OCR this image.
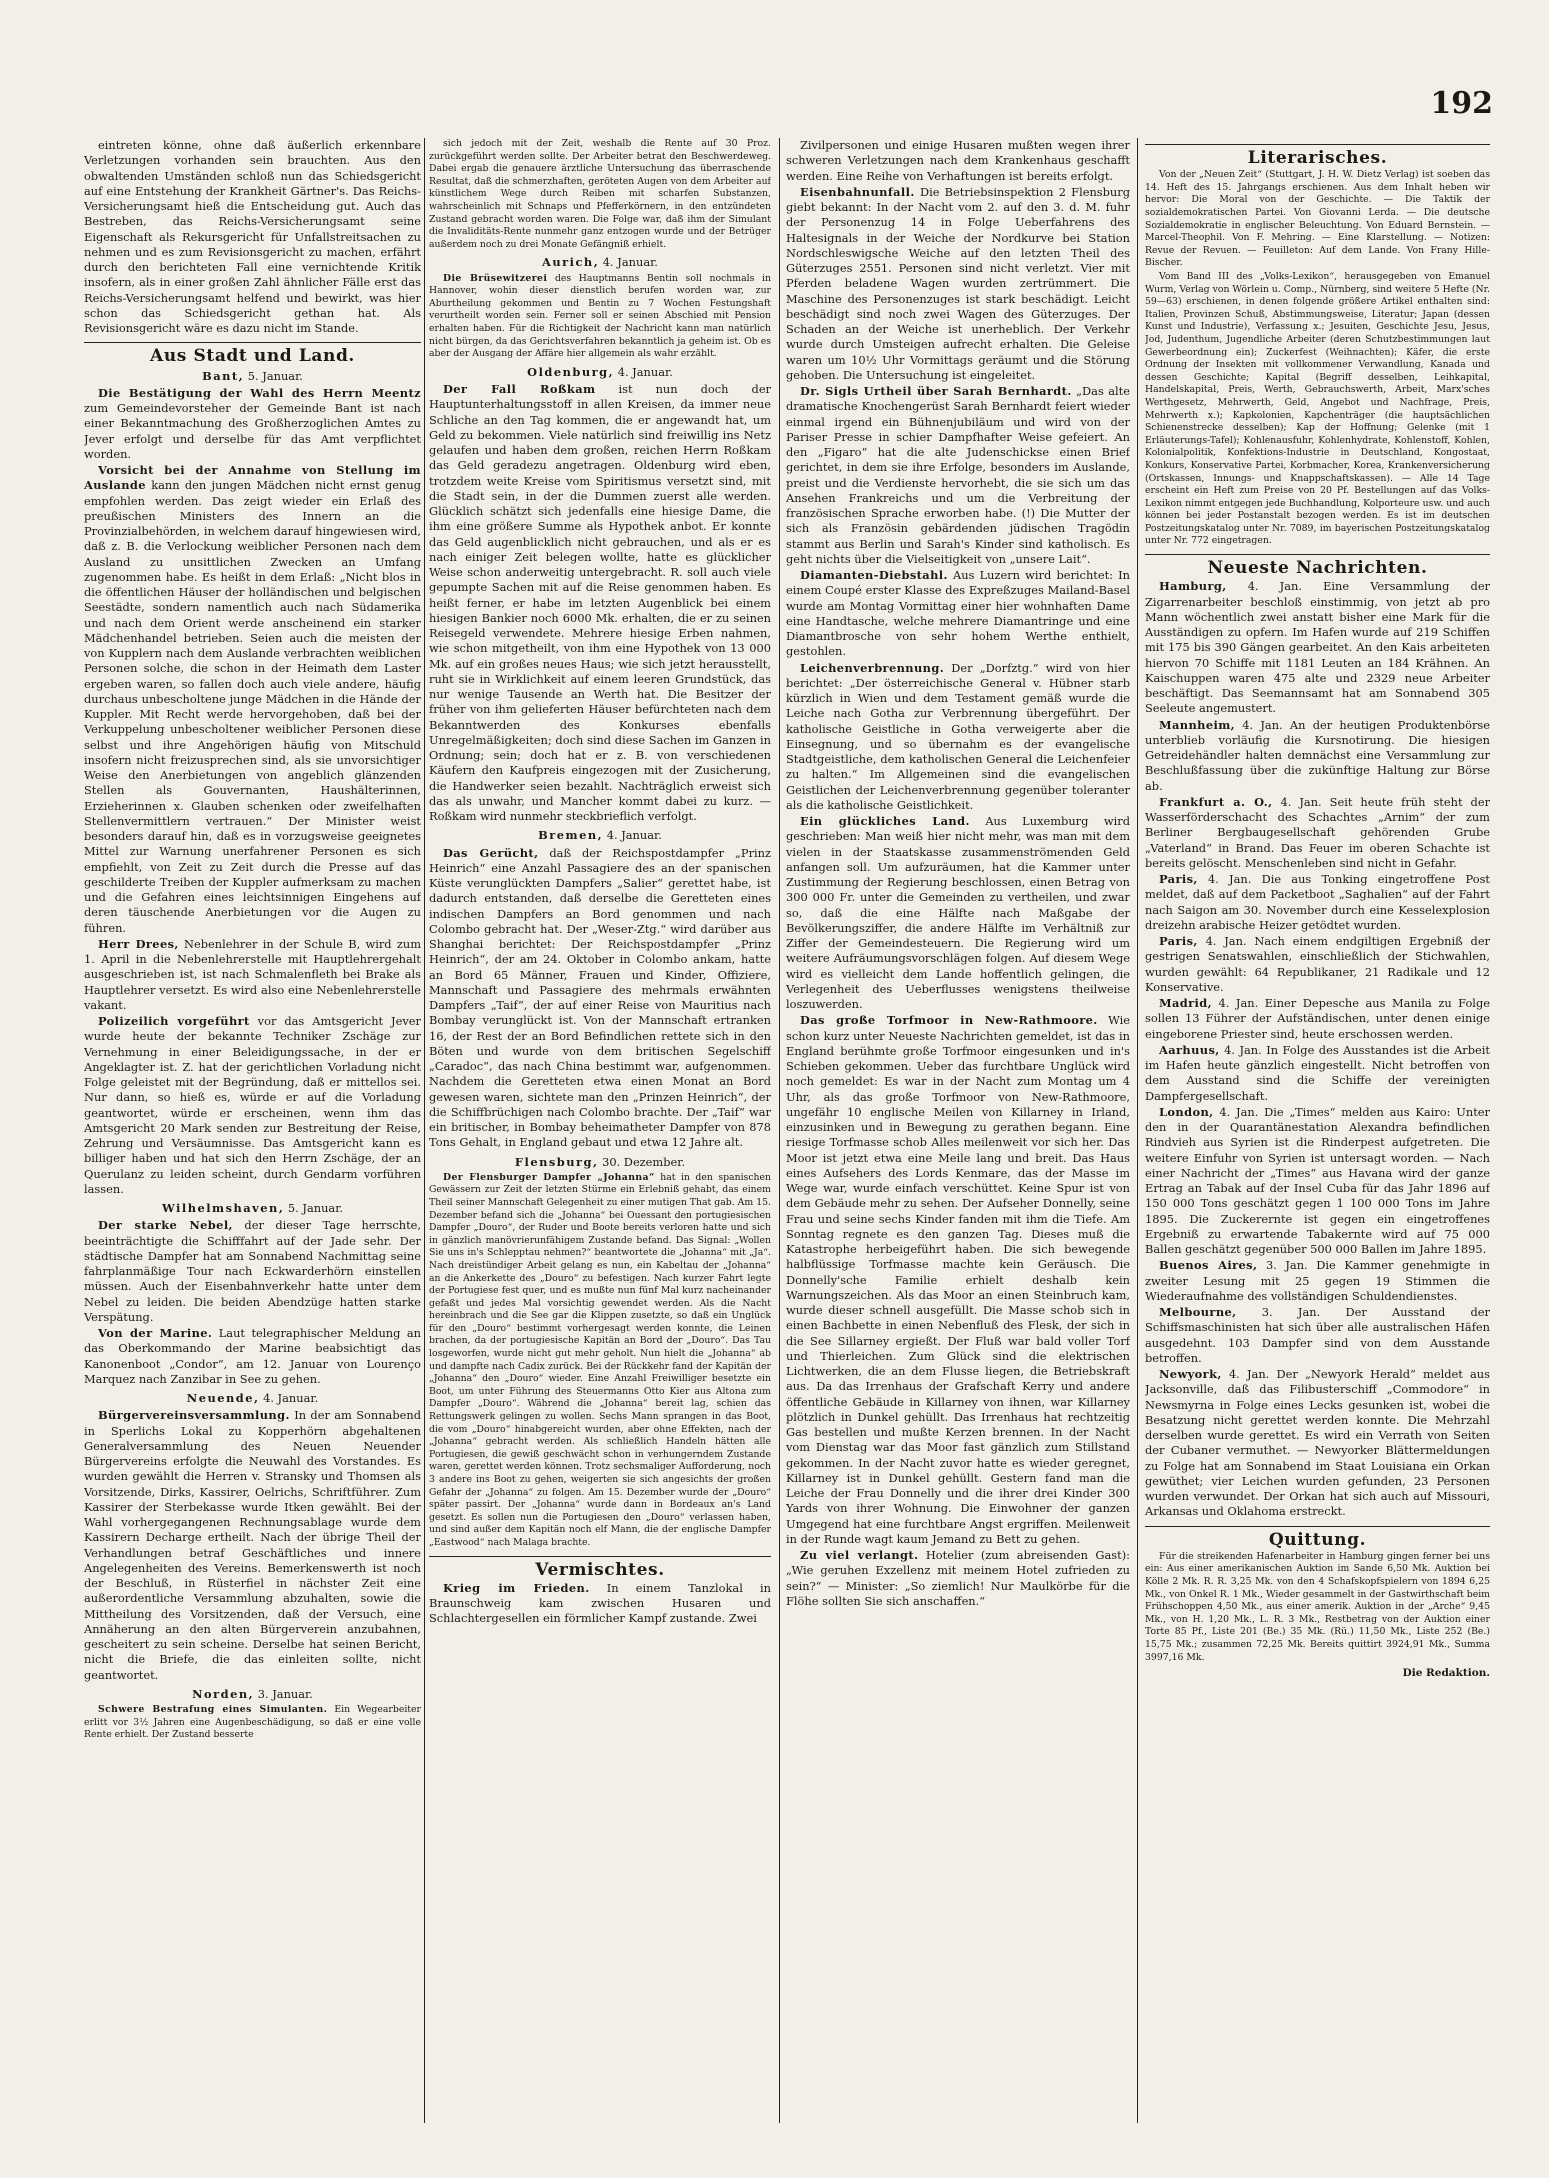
192

eintreten könne, ohne daß äußerlich erkennbare Verletzungen vorhanden sein brauchten. Aus den obwaltenden Umständen schloß nun das Schiedsgericht auf eine Entstehung der Krankheit Gärtner's. Das Reichs-Versicherungsamt hieß die Entscheidung gut. Auch das Bestreben, das Reichs-Versicherungsamt seine Eigenschaft als Rekursgericht für Unfallstreitsachen zu nehmen und es zum Revisionsgericht zu machen, erfährt durch den berichteten Fall eine vernichtende Kritik insofern, als in einer großen Zahl ähnlicher Fälle erst das Reichs-Versicherungsamt helfend und bewirkt, was hier schon das Schiedsgericht gethan hat. Als Revisionsgericht wäre es dazu nicht im Stande.

Aus Stadt und Land.
Bant, 5. Januar.

Die Bestätigung der Wahl des Herrn Meentz zum Gemeindevorsteher der Gemeinde Bant ist nach einer Bekanntmachung des Großherzoglichen Amtes zu Jever erfolgt und derselbe für das Amt verpflichtet worden.

Vorsicht bei der Annahme von Stellung im Auslande kann den jungen Mädchen nicht ernst genug empfohlen werden. Das zeigt wieder ein Erlaß des preußischen Ministers des Innern an die Provinzialbehörden, in welchem darauf hingewiesen wird, daß z. B. die Verlockung weiblicher Personen nach dem Ausland zu unsittlichen Zwecken an Umfang zugenommen habe. Es heißt in dem Erlaß: „Nicht blos in die öffentlichen Häuser der holländischen und belgischen Seestädte, sondern namentlich auch nach Südamerika und nach dem Orient werde anscheinend ein starker Mädchenhandel betrieben. Seien auch die meisten der von Kupplern nach dem Auslande verbrachten weiblichen Personen solche, die schon in der Heimath dem Laster ergeben waren, so fallen doch auch viele andere, häufig durchaus unbescholtene junge Mädchen in die Hände der Kuppler. Mit Recht werde hervorgehoben, daß bei der Verkuppelung unbescholtener weiblicher Personen diese selbst und ihre Angehörigen häufig von Mitschuld insofern nicht freizusprechen sind, als sie unvorsichtiger Weise den Anerbietungen von angeblich glänzenden Stellen als Gouvernanten, Haushälterinnen, Erzieherinnen x. Glauben schenken oder zweifelhaften Stellenvermittlern vertrauen.“ Der Minister weist besonders darauf hin, daß es in vorzugsweise geeignetes Mittel zur Warnung unerfahrener Personen es sich empfiehlt, von Zeit zu Zeit durch die Presse auf das geschilderte Treiben der Kuppler aufmerksam zu machen und die Gefahren eines leichtsinnigen Eingehens auf deren täuschende Anerbietungen vor die Augen zu führen.

Herr Drees, Nebenlehrer in der Schule B, wird zum 1. April in die Nebenlehrerstelle mit Hauptlehrergehalt ausgeschrieben ist, ist nach Schmalenfleth bei Brake als Hauptlehrer versetzt. Es wird also eine Nebenlehrerstelle vakant.

Polizeilich vorgeführt vor das Amtsgericht Jever wurde heute der bekannte Techniker Zschäge zur Vernehmung in einer Beleidigungssache, in der er Angeklagter ist. Z. hat der gerichtlichen Vorladung nicht Folge geleistet mit der Begründung, daß er mittellos sei. Nur dann, so hieß es, würde er auf die Vorladung geantwortet, würde er erscheinen, wenn ihm das Amtsgericht 20 Mark senden zur Bestreitung der Reise, Zehrung und Versäumnisse. Das Amtsgericht kann es billiger haben und hat sich den Herrn Zschäge, der an Querulanz zu leiden scheint, durch Gendarm vorführen lassen.

Wilhelmshaven, 5. Januar.

Der starke Nebel, der dieser Tage herrschte, beeinträchtigte die Schifffahrt auf der Jade sehr. Der städtische Dampfer hat am Sonnabend Nachmittag seine fahrplanmäßige Tour nach Eckwarderhörn einstellen müssen. Auch der Eisenbahnverkehr hatte unter dem Nebel zu leiden. Die beiden Abendzüge hatten starke Verspätung.

Von der Marine. Laut telegraphischer Meldung an das Oberkommando der Marine beabsichtigt das Kanonenboot „Condor“, am 12. Januar von Lourenço Marquez nach Zanzibar in See zu gehen.

Neuende, 4. Januar.

Bürgervereinsversammlung. In der am Sonnabend in Sperlichs Lokal zu Kopperhörn abgehaltenen Generalversammlung des Neuen Neuender Bürgervereins erfolgte die Neuwahl des Vorstandes. Es wurden gewählt die Herren v. Stransky und Thomsen als Vorsitzende, Dirks, Kassirer, Oelrichs, Schriftführer. Zum Kassirer der Sterbekasse wurde Itken gewählt. Bei der Wahl vorhergegangenen Rechnungsablage wurde dem Kassirern Decharge ertheilt. Nach der übrige Theil der Verhandlungen betraf Geschäftliches und innere Angelegenheiten des Vereins. Bemerkenswerth ist noch der Beschluß, in Rüsterfiel in nächster Zeit eine außerordentliche Versammlung abzuhalten, sowie die Mittheilung des Vorsitzenden, daß der Versuch, eine Annäherung an den alten Bürgerverein anzubahnen, gescheitert zu sein scheine. Derselbe hat seinen Bericht, nicht die Briefe, die das einleiten sollte, nicht geantwortet.

Norden, 3. Januar.

Schwere Bestrafung eines Simulanten. Ein Wegearbeiter erlitt vor 3½ Jahren eine Augenbeschädigung, so daß er eine volle Rente erhielt. Der Zustand besserte

sich jedoch mit der Zeit, weshalb die Rente auf 30 Proz. zurückgeführt werden sollte. Der Arbeiter betrat den Beschwerdeweg. Dabei ergab die genauere ärztliche Untersuchung das überraschende Resultat, daß die schmerzhaften, geröteten Augen von dem Arbeiter auf künstlichem Wege durch Reiben mit scharfen Substanzen, wahrscheinlich mit Schnaps und Pfefferkörnern, in den entzündeten Zustand gebracht worden waren. Die Folge war, daß ihm der Simulant die Invaliditäts-Rente nunmehr ganz entzogen wurde und der Betrüger außerdem noch zu drei Monate Gefängniß erhielt.

Aurich, 4. Januar.

Die Brüsewitzerei des Hauptmanns Bentin soll nochmals in Hannover, wohin dieser dienstlich berufen worden war, zur Aburtheilung gekommen und Bentin zu 7 Wochen Festungshaft verurtheilt worden sein. Ferner soll er seinen Abschied mit Pension erhalten haben. Für die Richtigkeit der Nachricht kann man natürlich nicht bürgen, da das Gerichtsverfahren bekanntlich ja geheim ist. Ob es aber der Ausgang der Affäre hier allgemein als wahr erzählt.

Oldenburg, 4. Januar.

Der Fall Roßkam ist nun doch der Hauptunterhaltungsstoff in allen Kreisen, da immer neue Schliche an den Tag kommen, die er angewandt hat, um Geld zu bekommen. Viele natürlich sind freiwillig ins Netz gelaufen und haben dem großen, reichen Herrn Roßkam das Geld geradezu angetragen. Oldenburg wird eben, trotzdem weite Kreise vom Spiritismus versetzt sind, mit die Stadt sein, in der die Dummen zuerst alle werden. Glücklich schätzt sich jedenfalls eine hiesige Dame, die ihm eine größere Summe als Hypothek anbot. Er konnte das Geld augenblicklich nicht gebrauchen, und als er es nach einiger Zeit belegen wollte, hatte es glücklicher Weise schon anderweitig untergebracht. R. soll auch viele gepumpte Sachen mit auf die Reise genommen haben. Es heißt ferner, er habe im letzten Augenblick bei einem hiesigen Bankier noch 6000 Mk. erhalten, die er zu seinen Reisegeld verwendete. Mehrere hiesige Erben nahmen, wie schon mitgetheilt, von ihm eine Hypothek von 13 000 Mk. auf ein großes neues Haus; wie sich jetzt herausstellt, ruht sie in Wirklichkeit auf einem leeren Grundstück, das nur wenige Tausende an Werth hat. Die Besitzer der früher von ihm gelieferten Häuser befürchteten nach dem Bekanntwerden des Konkurses ebenfalls Unregelmäßigkeiten; doch sind diese Sachen im Ganzen in Ordnung; sein; doch hat er z. B. von verschiedenen Käufern den Kaufpreis eingezogen mit der Zusicherung, die Handwerker seien bezahlt. Nachträglich erweist sich das als unwahr, und Mancher kommt dabei zu kurz. — Roßkam wird nunmehr steckbrieflich verfolgt.

Bremen, 4. Januar.

Das Gerücht, daß der Reichspostdampfer „Prinz Heinrich“ eine Anzahl Passagiere des an der spanischen Küste verunglückten Dampfers „Salier“ gerettet habe, ist dadurch entstanden, daß derselbe die Geretteten eines indischen Dampfers an Bord genommen und nach Colombo gebracht hat. Der „Weser-Ztg.“ wird darüber aus Shanghai berichtet: Der Reichspostdampfer „Prinz Heinrich“, der am 24. Oktober in Colombo ankam, hatte an Bord 65 Männer, Frauen und Kinder, Offiziere, Mannschaft und Passagiere des mehrmals erwähnten Dampfers „Taif“, der auf einer Reise von Mauritius nach Bombay verunglückt ist. Von der Mannschaft ertranken 16, der Rest der an Bord Befindlichen rettete sich in den Böten und wurde von dem britischen Segelschiff „Caradoc“, das nach China bestimmt war, aufgenommen. Nachdem die Geretteten etwa einen Monat an Bord gewesen waren, sichtete man den „Prinzen Heinrich“, der die Schiffbrüchigen nach Colombo brachte. Der „Taif“ war ein britischer, in Bombay beheimatheter Dampfer von 878 Tons Gehalt, in England gebaut und etwa 12 Jahre alt.

Flensburg, 30. Dezember.

Der Flensburger Dampfer „Johanna“ hat in den spanischen Gewässern zur Zeit der letzten Stürme ein Erlebniß gehabt, das einem Theil seiner Mannschaft Gelegenheit zu einer mutigen That gab. Am 15. Dezember befand sich die „Johanna“ bei Ouessant den portugiesischen Dampfer „Douro“, der Ruder und Boote bereits verloren hatte und sich in gänzlich manövrierunfähigem Zustande befand. Das Signal: „Wollen Sie uns in's Schlepptau nehmen?“ beantwortete die „Johanna“ mit „Ja“. Nach dreistündiger Arbeit gelang es nun, ein Kabeltau der „Johanna“ an die Ankerkette des „Douro“ zu befestigen. Nach kurzer Fahrt legte der Portugiese fest quer, und es mußte nun fünf Mal kurz nacheinander gefaßt und jedes Mal vorsichtig gewendet werden. Als die Nacht hereinbrach und die See gar die Klippen zusetzte, so daß ein Unglück für den „Douro“ bestimmt vorhergesagt werden konnte, die Leinen brachen, da der portugiesische Kapitän an Bord der „Douro“. Das Tau losgeworfen, wurde nicht gut mehr geholt. Nun hielt die „Johanna“ ab und dampfte nach Cadix zurück. Bei der Rückkehr fand der Kapitän der „Johanna“ den „Douro“ wieder. Eine Anzahl Freiwilliger besetzte ein Boot, um unter Führung des Steuermanns Otto Kier aus Altona zum Dampfer „Douro“. Während die „Johanna“ bereit lag, schien das Rettungswerk gelingen zu wollen. Sechs Mann sprangen in das Boot, die vom „Douro“ hinabgereicht wurden, aber ohne Effekten, nach der „Johanna“ gebracht werden. Als schließlich Handeln hätten alle Portugiesen, die gewiß geschwächt schon in verhungerndem Zustande waren, gerettet werden können. Trotz sechsmaliger Aufforderung, noch 3 andere ins Boot zu gehen, weigerten sie sich angesichts der großen Gefahr der „Johanna“ zu folgen. Am 15. Dezember wurde der „Douro“ später passirt. Der „Johanna“ wurde dann in Bordeaux an's Land gesetzt. Es sollen nun die Portugiesen den „Douro“ verlassen haben, und sind außer dem Kapitän noch elf Mann, die der englische Dampfer „Eastwood“ nach Malaga brachte.

Vermischtes.

Krieg im Frieden. In einem Tanzlokal in Braunschweig kam zwischen Husaren und Schlachtergesellen ein förmlicher Kampf zustande. Zwei

Zivilpersonen und einige Husaren mußten wegen ihrer schweren Verletzungen nach dem Krankenhaus geschafft werden. Eine Reihe von Verhaftungen ist bereits erfolgt.

Eisenbahnunfall. Die Betriebsinspektion 2 Flensburg giebt bekannt: In der Nacht vom 2. auf den 3. d. M. fuhr der Personenzug 14 in Folge Ueberfahrens des Haltesignals in der Weiche der Nordkurve bei Station Nordschleswigsche Weiche auf den letzten Theil des Güterzuges 2551. Personen sind nicht verletzt. Vier mit Pferden beladene Wagen wurden zertrümmert. Die Maschine des Personenzuges ist stark beschädigt. Leicht beschädigt sind noch zwei Wagen des Güterzuges. Der Schaden an der Weiche ist unerheblich. Der Verkehr wurde durch Umsteigen aufrecht erhalten. Die Geleise waren um 10½ Uhr Vormittags geräumt und die Störung gehoben. Die Untersuchung ist eingeleitet.

Dr. Sigls Urtheil über Sarah Bernhardt. „Das alte dramatische Knochengerüst Sarah Bernhardt feiert wieder einmal irgend ein Bühnenjubiläum und wird von der Pariser Presse in schier Dampfhafter Weise gefeiert. An den „Figaro“ hat die alte Judenschickse einen Brief gerichtet, in dem sie ihre Erfolge, besonders im Auslande, preist und die Verdienste hervorhebt, die sie sich um das Ansehen Frankreichs und um die Verbreitung der französischen Sprache erworben habe. (!) Die Mutter der sich als Französin gebärdenden jüdischen Tragödin stammt aus Berlin und Sarah's Kinder sind katholisch. Es geht nichts über die Vielseitigkeit von „unsere Lait“.

Diamanten-Diebstahl. Aus Luzern wird berichtet: In einem Coupé erster Klasse des Expreßzuges Mailand-Basel wurde am Montag Vormittag einer hier wohnhaften Dame eine Handtasche, welche mehrere Diamantringe und eine Diamantbrosche von sehr hohem Werthe enthielt, gestohlen.

Leichenverbrennung. Der „Dorfztg.“ wird von hier berichtet: „Der österreichische General v. Hübner starb kürzlich in Wien und dem Testament gemäß wurde die Leiche nach Gotha zur Verbrennung übergeführt. Der katholische Geistliche in Gotha verweigerte aber die Einsegnung, und so übernahm es der evangelische Stadtgeistliche, dem katholischen General die Leichenfeier zu halten.“ Im Allgemeinen sind die evangelischen Geistlichen der Leichenverbrennung gegenüber toleranter als die katholische Geistlichkeit.

Ein glückliches Land. Aus Luxemburg wird geschrieben: Man weiß hier nicht mehr, was man mit dem vielen in der Staatskasse zusammenströmenden Geld anfangen soll. Um aufzuräumen, hat die Kammer unter Zustimmung der Regierung beschlossen, einen Betrag von 300 000 Fr. unter die Gemeinden zu vertheilen, und zwar so, daß die eine Hälfte nach Maßgabe der Bevölkerungsziffer, die andere Hälfte im Verhältniß zur Ziffer der Gemeindesteuern. Die Regierung wird um weitere Aufräumungsvorschlägen folgen. Auf diesem Wege wird es vielleicht dem Lande hoffentlich gelingen, die Verlegenheit des Ueberflusses wenigstens theilweise loszuwerden.

Das große Torfmoor in New-Rathmoore. Wie schon kurz unter Neueste Nachrichten gemeldet, ist das in England berühmte große Torfmoor eingesunken und in's Schieben gekommen. Ueber das furchtbare Unglück wird noch gemeldet: Es war in der Nacht zum Montag um 4 Uhr, als das große Torfmoor von New-Rathmoore, ungefähr 10 englische Meilen von Killarney in Irland, einzusinken und in Bewegung zu gerathen begann. Eine riesige Torfmasse schob Alles meilenweit vor sich her. Das Moor ist jetzt etwa eine Meile lang und breit. Das Haus eines Aufsehers des Lords Kenmare, das der Masse im Wege war, wurde einfach verschüttet. Keine Spur ist von dem Gebäude mehr zu sehen. Der Aufseher Donnelly, seine Frau und seine sechs Kinder fanden mit ihm die Tiefe. Am Sonntag regnete es den ganzen Tag. Dieses muß die Katastrophe herbeigeführt haben. Die sich bewegende halbflüssige Torfmasse machte kein Geräusch. Die Donnelly'sche Familie erhielt deshalb kein Warnungszeichen. Als das Moor an einen Steinbruch kam, wurde dieser schnell ausgefüllt. Die Masse schob sich in einen Bachbette in einen Nebenfluß des Flesk, der sich in die See Sillarney ergießt. Der Fluß war bald voller Torf und Thierleichen. Zum Glück sind die elektrischen Lichtwerken, die an dem Flusse liegen, die Betriebskraft aus. Da das Irrenhaus der Grafschaft Kerry und andere öffentliche Gebäude in Killarney von ihnen, war Killarney plötzlich in Dunkel gehüllt. Das Irrenhaus hat rechtzeitig Gas bestellen und mußte Kerzen brennen. In der Nacht vom Dienstag war das Moor fast gänzlich zum Stillstand gekommen. In der Nacht zuvor hatte es wieder geregnet, Killarney ist in Dunkel gehüllt. Gestern fand man die Leiche der Frau Donnelly und die ihrer drei Kinder 300 Yards von ihrer Wohnung. Die Einwohner der ganzen Umgegend hat eine furchtbare Angst ergriffen. Meilenweit in der Runde wagt kaum Jemand zu Bett zu gehen.

Zu viel verlangt. Hotelier (zum abreisenden Gast): „Wie geruhen Exzellenz mit meinem Hotel zufrieden zu sein?“ — Minister: „So ziemlich! Nur Maulkörbe für die Flöhe sollten Sie sich anschaffen.“

Literarisches.

Von der „Neuen Zeit“ (Stuttgart, J. H. W. Dietz Verlag) ist soeben das 14. Heft des 15. Jahrgangs erschienen. Aus dem Inhalt heben wir hervor: Die Moral von der Geschichte. — Die Taktik der sozialdemokratischen Partei. Von Giovanni Lerda. — Die deutsche Sozialdemokratie in englischer Beleuchtung. Von Eduard Bernstein. — Marcel-Theophil. Von F. Mehring. — Eine Klarstellung. — Notizen: Revue der Revuen. — Feuilleton: Auf dem Lande. Von Frany Hille-Bischer.

Vom Band III des „Volks-Lexikon“, herausgegeben von Emanuel Wurm, Verlag von Wörlein u. Comp., Nürnberg, sind weitere 5 Hefte (Nr. 59—63) erschienen, in denen folgende größere Artikel enthalten sind: Italien, Provinzen Schuß, Abstimmungsweise, Literatur; Japan (dessen Kunst und Industrie), Verfassung x.; Jesuiten, Geschichte Jesu, Jesus, Jod, Judenthum, Jugendliche Arbeiter (deren Schutzbestimmungen laut Gewerbeordnung ein); Zuckerfest (Weihnachten); Käfer, die erste Ordnung der Insekten mit vollkommener Verwandlung, Kanada und dessen Geschichte; Kapital (Begriff desselben, Leihkapital, Handelskapital, Preis, Werth, Gebrauchswerth, Arbeit, Marx'sches Werthgesetz, Mehrwerth, Geld, Angebot und Nachfrage, Preis, Mehrwerth x.); Kapkolonien, Kapchenträger (die hauptsächlichen Schienenstrecke desselben); Kap der Hoffnung; Gelenke (mit 1 Erläuterungs-Tafel); Kohlenausfuhr, Kohlenhydrate, Kohlenstoff, Kohlen, Kolonialpolitik, Konfektions-Industrie in Deutschland, Kongostaat, Konkurs, Konservative Partei, Korbmacher, Korea, Krankenversicherung (Ortskassen, Innungs- und Knappschaftskassen). — Alle 14 Tage erscheint ein Heft zum Preise von 20 Pf. Bestellungen auf das Volks-Lexikon nimmt entgegen jede Buchhandlung, Kolporteure usw. und auch können bei jeder Postanstalt bezogen werden. Es ist im deutschen Postzeitungskatalog unter Nr. 7089, im bayerischen Postzeitungskatalog unter Nr. 772 eingetragen.

Neueste Nachrichten.

Hamburg, 4. Jan. Eine Versammlung der Zigarrenarbeiter beschloß einstimmig, von jetzt ab pro Mann wöchentlich zwei anstatt bisher eine Mark für die Ausständigen zu opfern. Im Hafen wurde auf 219 Schiffen mit 175 bis 390 Gängen gearbeitet. An den Kais arbeiteten hiervon 70 Schiffe mit 1181 Leuten an 184 Krähnen. An Kaischuppen waren 475 alte und 2329 neue Arbeiter beschäftigt. Das Seemannsamt hat am Sonnabend 305 Seeleute angemustert.

Mannheim, 4. Jan. An der heutigen Produktenbörse unterblieb vorläufig die Kursnotirung. Die hiesigen Getreidehändler halten demnächst eine Versammlung zur Beschlußfassung über die zukünftige Haltung zur Börse ab.

Frankfurt a. O., 4. Jan. Seit heute früh steht der Wasserförderschacht des Schachtes „Arnim“ der zum Berliner Bergbaugesellschaft gehörenden Grube „Vaterland“ in Brand. Das Feuer im oberen Schachte ist bereits gelöscht. Menschenleben sind nicht in Gefahr.

Paris, 4. Jan. Die aus Tonking eingetroffene Post meldet, daß auf dem Packetboot „Saghalien“ auf der Fahrt nach Saigon am 30. November durch eine Kesselexplosion dreizehn arabische Heizer getödtet wurden.

Paris, 4. Jan. Nach einem endgiltigen Ergebniß der gestrigen Senatswahlen, einschließlich der Stichwahlen, wurden gewählt: 64 Republikaner, 21 Radikale und 12 Konservative.

Madrid, 4. Jan. Einer Depesche aus Manila zu Folge sollen 13 Führer der Aufständischen, unter denen einige eingeborene Priester sind, heute erschossen werden.

Aarhuus, 4. Jan. In Folge des Ausstandes ist die Arbeit im Hafen heute gänzlich eingestellt. Nicht betroffen von dem Ausstand sind die Schiffe der vereinigten Dampfergesellschaft.

London, 4. Jan. Die „Times“ melden aus Kairo: Unter den in der Quarantänestation Alexandra befindlichen Rindvieh aus Syrien ist die Rinderpest aufgetreten. Die weitere Einfuhr von Syrien ist untersagt worden. — Nach einer Nachricht der „Times“ aus Havana wird der ganze Ertrag an Tabak auf der Insel Cuba für das Jahr 1896 auf 150 000 Tons geschätzt gegen 1 100 000 Tons im Jahre 1895. Die Zuckerernte ist gegen ein eingetroffenes Ergebniß zu erwartende Tabakernte wird auf 75 000 Ballen geschätzt gegenüber 500 000 Ballen im Jahre 1895.

Buenos Aires, 3. Jan. Die Kammer genehmigte in zweiter Lesung mit 25 gegen 19 Stimmen die Wiederaufnahme des vollständigen Schuldendienstes.

Melbourne, 3. Jan. Der Ausstand der Schiffsmaschinisten hat sich über alle australischen Häfen ausgedehnt. 103 Dampfer sind von dem Ausstande betroffen.

Newyork, 4. Jan. Der „Newyork Herald“ meldet aus Jacksonville, daß das Filibusterschiff „Commodore“ in Newsmyrna in Folge eines Lecks gesunken ist, wobei die Besatzung nicht gerettet werden konnte. Die Mehrzahl derselben wurde gerettet. Es wird ein Verrath von Seiten der Cubaner vermuthet. — Newyorker Blättermeldungen zu Folge hat am Sonnabend im Staat Louisiana ein Orkan gewüthet; vier Leichen wurden gefunden, 23 Personen wurden verwundet. Der Orkan hat sich auch auf Missouri, Arkansas und Oklahoma erstreckt.

Quittung.

Für die streikenden Hafenarbeiter in Hamburg gingen ferner bei uns ein: Aus einer amerikanischen Auktion im Sande 6,50 Mk. Auktion bei Kölle 2 Mk. R. R. 3,25 Mk. von den 4 Schafskopfspielern von 1894 6,25 Mk., von Onkel R. 1 Mk., Wieder gesammelt in der Gastwirthschaft beim Frühschoppen 4,50 Mk., aus einer amerik. Auktion in der „Arche“ 9,45 Mk., von H. 1,20 Mk., L. R. 3 Mk., Restbetrag von der Auktion einer Torte 85 Pf., Liste 201 (Be.) 35 Mk. (Rü.) 11,50 Mk., Liste 252 (Be.) 15,75 Mk.; zusammen 72,25 Mk. Bereits quittirt 3924,91 Mk., Summa 3997,16 Mk.

Die Redaktion.
